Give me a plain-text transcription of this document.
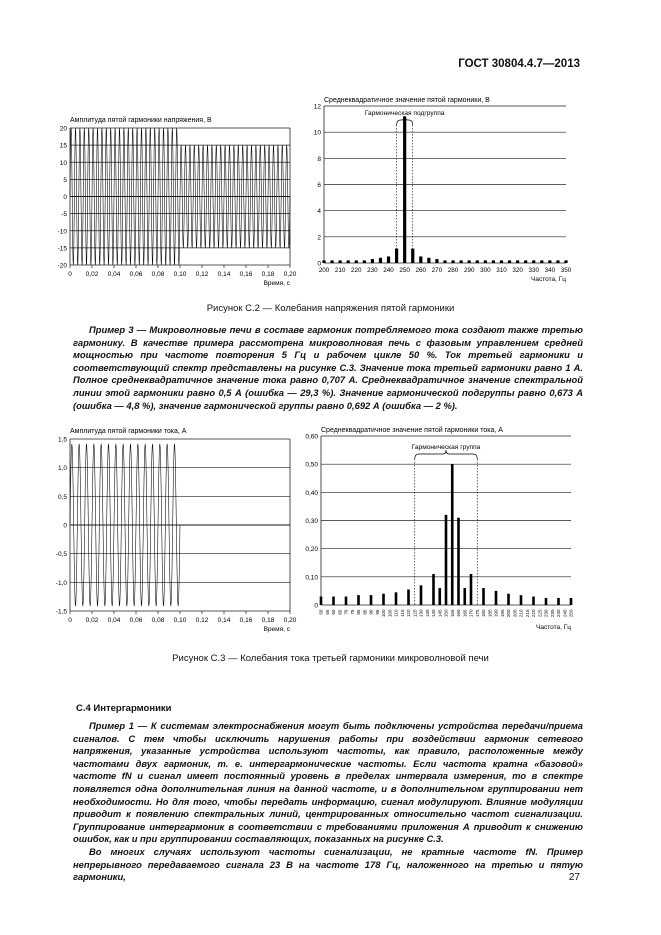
ГОСТ 30804.4.7—2013
Амплитуда пятой гармоники напряжения, В
20
15
10
5
0
-5
-10
-15
-20
0 0,02 0,04 0,06 0,08 0,10 0,12 0,14 0,16 0,18 0,20
Время, с
Среднеквадратичное значение пятой гармоники, В
12
10
8
6
4
2
0
200 210 220 230 240 250 260 270 280 290 300 310 320 330 340 350
Частота, Гц
Гармоническая подгруппа
Рисунок С.2 — Колебания напряжения пятой гармоники

Пример 3 — Микроволновые печи в составе гармоник потребляемого тока создают также третью гармонику. В качестве примера рассмотрена микроволновая печь с фазовым управлением средней мощностью при частоте повторения 5 Гц и рабочем цикле 50 %. Ток третьей гармоники и соответствующий спектр представлены на рисунке С.3. Значение тока третьей гармоники равно 1 А. Полное среднеквадратичное значение тока равно 0,707 А. Среднеквадратичное значение спектральной линии этой гармоники равно 0,5 А (ошибка — 29,3 %). Значение гармонической подгруппы равно 0,673 А (ошибка — 4,8 %), значение гармонической группы равно 0,692 А (ошибка — 2 %).

Амплитуда пятой гармоники тока, А
1,5
1,0
0,5
0
-0,5
-1,0
-1,5
0 0,02 0,04 0,06 0,08 0,10 0,12 0,14 0,16 0,18 0,20
Время, с
Среднеквадратичное значение пятой гармоники тока, А
0,60
0,50
0,40
0,30
0,20
0,10
0
50 55 60 65 70 75 80 85 90 95 100 105 110 115 120 125 130 135 140 145 150 155 160 165 170 175 180 185 190 195 200 205 210 215 220 225 230 235 240 245 250
Частота, Гц
Гармоническая группа
Рисунок С.3 — Колебания тока третьей гармоники микроволновой печи
С.4 Интергармоники

Пример 1 — К системам электроснабжения могут быть подключены устройства передачи/приема сигналов. С тем чтобы исключить нарушения работы при воздействии гармоник сетевого напряжения, указанные устройства используют частоты, как правило, расположенные между частотами двух гармоник, т. е. интергармонические частоты. Если частота кратна «базовой» частоте fN и сигнал имеет постоянный уровень в пределах интервала измерения, то в спектре появляется одна дополнительная линия на данной частоте, и в дополнительном группировании нет необходимости. Но для того, чтобы передать информацию, сигнал модулируют. Влияние модуляции приводит к появлению спектральных линий, центрированных относительно частот сигнализации. Группирование интергармоник в соответствии с требованиями приложения А приводит к снижению ошибок, как и при группировании составляющих, показанных на рисунке С.3.

Во многих случаях используют частоты сигнализации, не кратные частоте fN. Пример непрерывного передаваемого сигнала 23 В на частоте 178 Гц, наложенного на третью и пятую гармоники,	27
